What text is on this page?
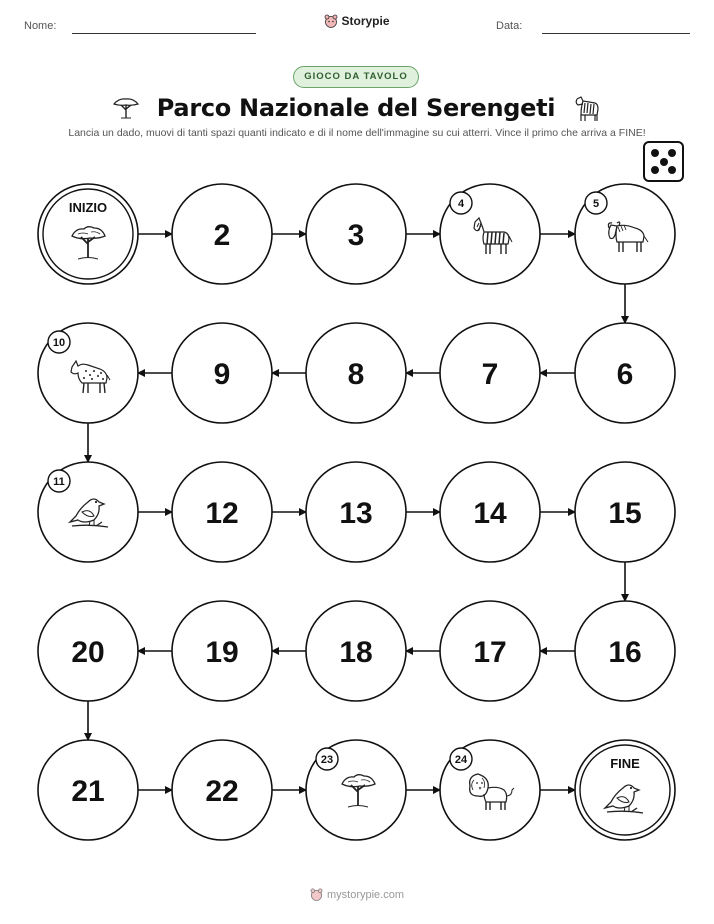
Nome:	Storypie	Data:
GIOCO DA TAVOLO
Parco Nazionale del Serengeti
Lancia un dado, muovi di tanti spazi quanti indicato e di il nome dell'immagine su cui atterri. Vince il primo che arriva a FINE!
INIZIO
2	3
4	5
6
7
8
9
10
11
12	13	14	15
16
17
18
19
20
21	22
23	24	FINE
mystorypie.com
